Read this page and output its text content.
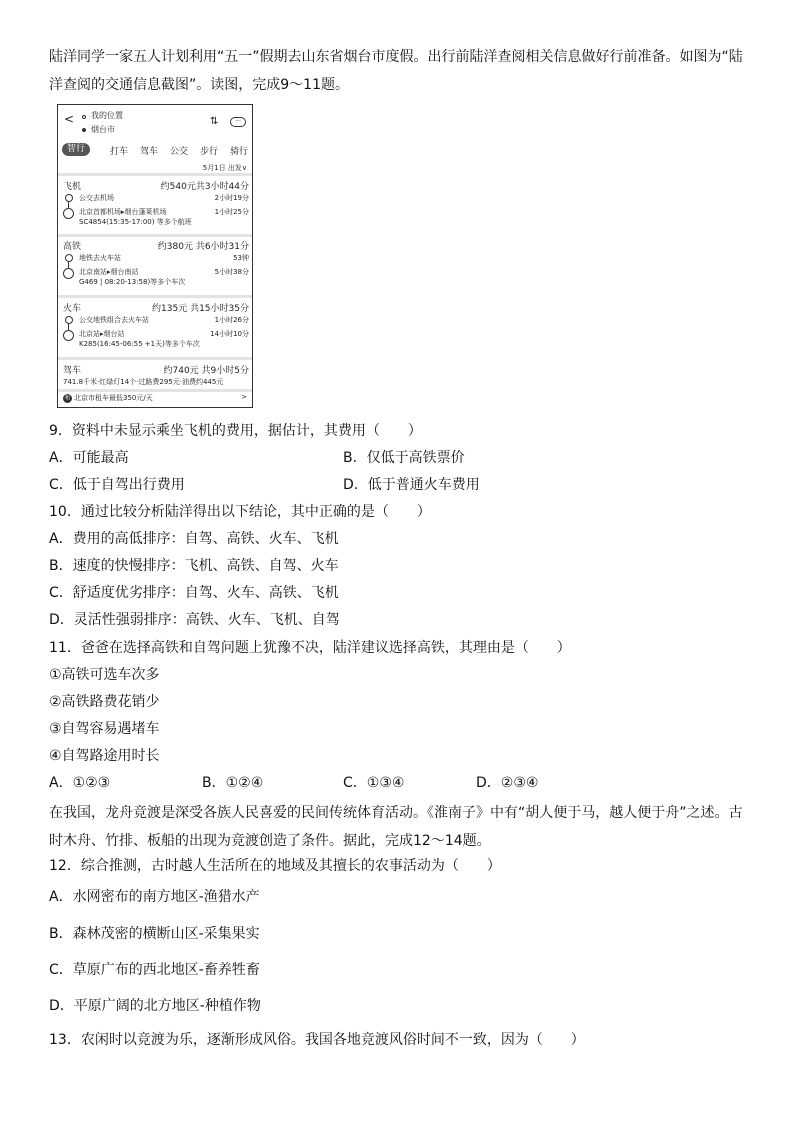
陆洋同学一家五人计划利用“五一”假期去山东省烟台市度假。出行前陆洋查阅相关信息做好行前准备。如图为“陆洋查阅的交通信息截图”。读图，完成9～11题。
< 我的位置
烟台市
⇅	···
智行	打车 驾车 公交 步行 骑行
5月1日 出发∨
飞机	约540元共3小时44分
公交去机场	2小时19分
北京首都机场▸烟台蓬莱机场	1小时25分
SC4854(15:35-17:00) 等多个航班
高铁	约380元 共6小时31分
地铁去火车站	53钟
北京南站▸烟台南站	5小时38分
G469 | 08:20-13:58)等多个车次
火车	约135元 共15小时35分
公交地铁组合去火车站	1小时26分
北京站▸烟台站	14小时10分
K285(16:45-06:55 +1天)等多个车次
驾车	约740元 共9小时5分
741.8千米·红绿灯14个·过路费295元·油费约445元
租 北京市租车最低350元/天	>
9．资料中未显示乘坐飞机的费用，据估计，其费用（　　）
A．可能最高	B．仅低于高铁票价
C．低于自驾出行费用	D．低于普通火车费用
10．通过比较分析陆洋得出以下结论，其中正确的是（　　）
A．费用的高低排序：自驾、高铁、火车、飞机
B．速度的快慢排序：飞机、高铁、自驾、火车
C．舒适度优劣排序：自驾、火车、高铁、飞机
D．灵活性强弱排序：高铁、火车、飞机、自驾
11．爸爸在选择高铁和自驾问题上犹豫不决，陆洋建议选择高铁，其理由是（　　）
①高铁可选车次多
②高铁路费花销少
③自驾容易遇堵车
④自驾路途用时长
A．①②③	B．①②④	C．①③④	D．②③④
在我国，龙舟竞渡是深受各族人民喜爱的民间传统体育活动。《淮南子》中有“胡人便于马，越人便于舟”之述。古时木舟、竹排、板船的出现为竞渡创造了条件。据此，完成12～14题。
12．综合推测，古时越人生活所在的地域及其擅长的农事活动为（　　）
A．水网密布的南方地区-渔猎水产
B．森林茂密的横断山区-采集果实
C．草原广布的西北地区-畜养牲畜
D．平原广阔的北方地区-种植作物
13．农闲时以竞渡为乐，逐渐形成风俗。我国各地竞渡风俗时间不一致，因为（　　）
